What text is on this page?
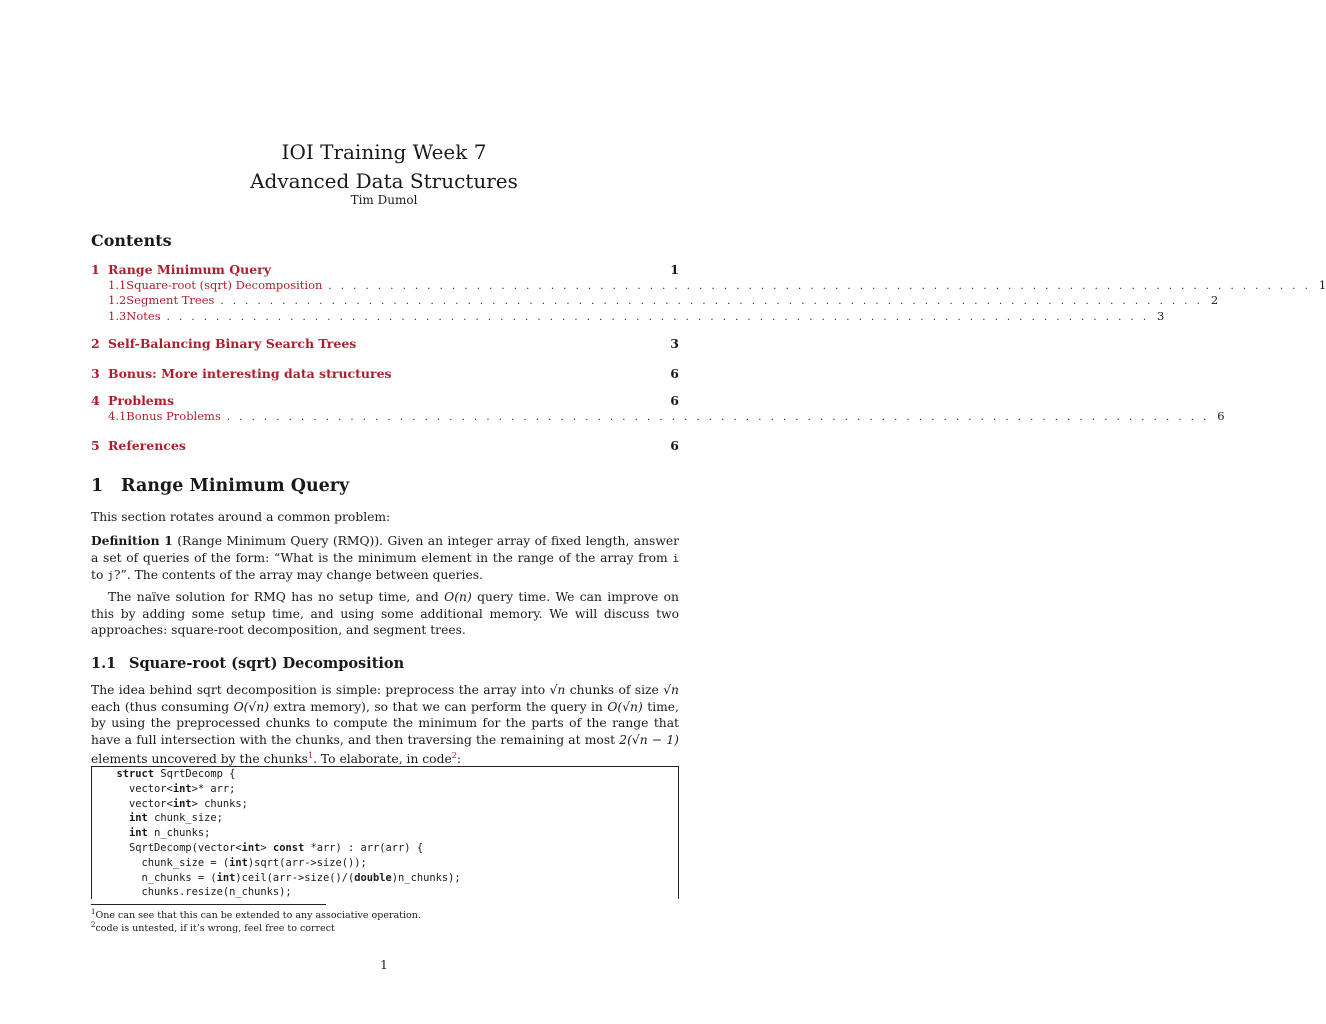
IOI Training Week 7
Advanced Data Structures
Tim Dumol
Contents
1 Range Minimum Query	1
1.1 Square-root (sqrt) Decomposition . . . . . . . . . . . . . . . . . . . . . . . . . . . . . . . . . . . . . . . . . . . . . . . . . . . . . . . . . . . . . . . . . . . . . . . . . . . . . . . . 1
1.2 Segment Trees . . . . . . . . . . . . . . . . . . . . . . . . . . . . . . . . . . . . . . . . . . . . . . . . . . . . . . . . . . . . . . . . . . . . . . . . . . . . . . . . 2
1.3 Notes . . . . . . . . . . . . . . . . . . . . . . . . . . . . . . . . . . . . . . . . . . . . . . . . . . . . . . . . . . . . . . . . . . . . . . . . . . . . . . . . 3
2 Self-Balancing Binary Search Trees	3
3 Bonus: More interesting data structures	6
4 Problems	6
4.1 Bonus Problems . . . . . . . . . . . . . . . . . . . . . . . . . . . . . . . . . . . . . . . . . . . . . . . . . . . . . . . . . . . . . . . . . . . . . . . . . . . . . . . . 6
5 References	6
1 Range Minimum Query
This section rotates around a common problem:
Definition 1 (Range Minimum Query (RMQ)). Given an integer array of fixed length, answer a set of queries of the form: “What is the minimum element in the range of the array from i to j?”. The contents of the array may change between queries.
The naïve solution for RMQ has no setup time, and O(n) query time. We can improve on this by adding some setup time, and using some additional memory. We will discuss two approaches: square-root decomposition, and segment trees.
1.1 Square-root (sqrt) Decomposition
The idea behind sqrt decomposition is simple: preprocess the array into √n chunks of size √n each (thus consuming O(√n) extra memory), so that we can perform the query in O(√n) time, by using the preprocessed chunks to compute the minimum for the parts of the range that have a full intersection with the chunks, and then traversing the remaining at most 2(√n − 1) elements uncovered by the chunks$^1$. To elaborate, in code$^2$:
struct SqrtDecomp {
vector<int>* arr;
vector<int> chunks;
int chunk_size;
int n_chunks;
SqrtDecomp(vector<int> const *arr) : arr(arr) {
chunk_size = (int)sqrt(arr->size());
n_chunks = (int)ceil(arr->size()/(double)n_chunks);
chunks.resize(n_chunks);
$^1$One can see that this can be extended to any associative operation.
$^2$code is untested, if it’s wrong, feel free to correct
1
